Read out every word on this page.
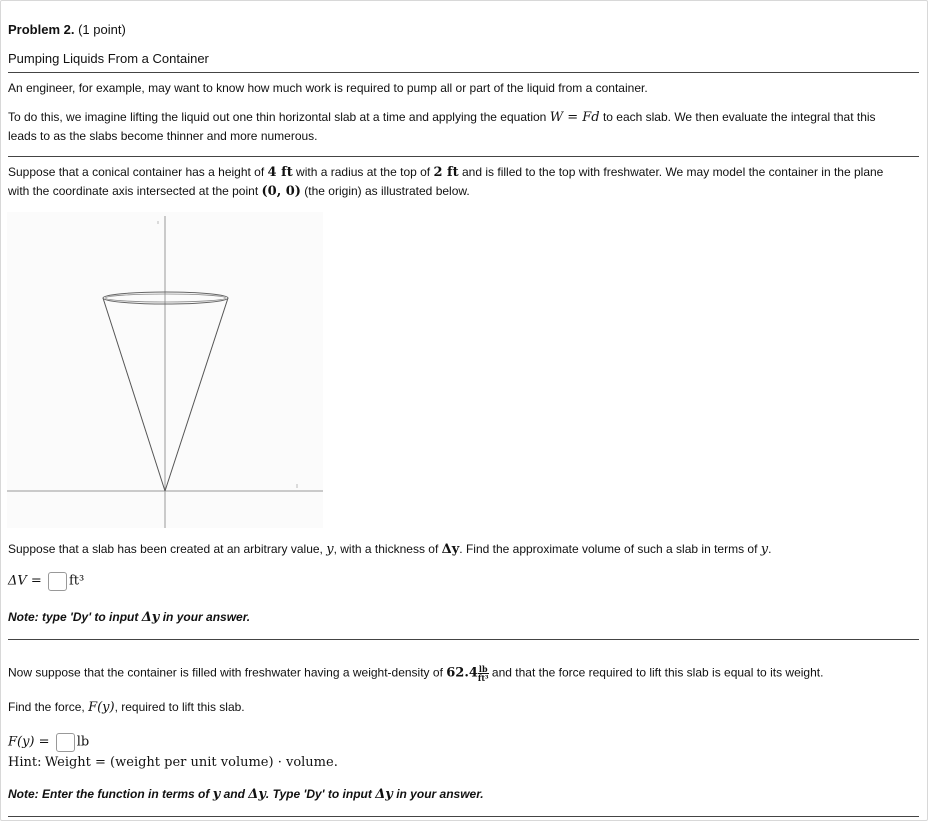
Problem 2. (1 point)
Pumping Liquids From a Container
An engineer, for example, may want to know how much work is required to pump all or part of the liquid from a container.
To do this, we imagine lifting the liquid out one thin horizontal slab at a time and applying the equation W = Fd to each slab. We then evaluate the integral that this
leads to as the slabs become thinner and more numerous.
Suppose that a conical container has a height of 4 ft with a radius at the top of 2 ft and is filled to the top with freshwater. We may model the container in the plane
with the coordinate axis intersected at the point (0, 0) (the origin) as illustrated below.
Suppose that a slab has been created at an arbitrary value, y, with a thickness of Δy. Find the approximate volume of such a slab in terms of y.
ΔV = ft³
Note: type 'Dy' to input Δy in your answer.
Now suppose that the container is filled with freshwater having a weight-density of $62.4 \frac{lb}{\text{ft³}}$ and that the force required to lift this slab is equal to its weight.
Find the force, F(y), required to lift this slab.
F(y) = lb
Hint: Weight = (weight per unit volume) · volume.
Note: Enter the function in terms of y and Δy. Type 'Dy' to input Δy in your answer.
